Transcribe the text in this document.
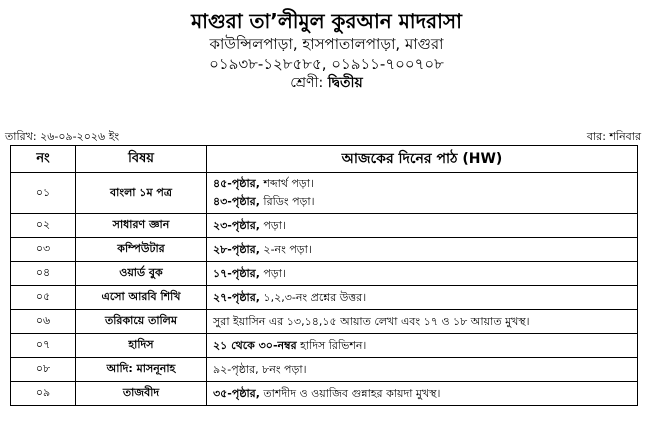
মাগুরা তা’লীমুল কুরআন মাদরাসা
কাউন্সিলপাড়া, হাসপাতালপাড়া, মাগুরা
০১৯৩৮-১২৮৫৮৫, ০১৯১১-৭০০৭০৮
শ্রেণী: দ্বিতীয়
তারিখ: ২৬-০৯-২০২৬ ইং	বার: শনিবার
নং	বিষয়	আজকের দিনের পাঠ (HW)
০১	বাংলা ১ম পত্র	৪৫-পৃষ্ঠার, শব্দার্থ পড়া।
৪৩-পৃষ্ঠার, রিডিং পড়া।

০২	সাধারণ জ্ঞান	২৩-পৃষ্ঠার, পড়া।

০৩	কম্পিউটার	২৮-পৃষ্ঠার, ২-নং পড়া।

০৪	ওয়ার্ড বুক	১৭-পৃষ্ঠার, পড়া।

০৫	এসো আরবি শিখি	২৭-পৃষ্ঠার, ১,২,৩-নং প্রশ্নের উত্তর।

০৬	তরিকায়ে তালিম	সুরা ইয়াসিন এর ১৩,১৪,১৫ আয়াত লেখা এবং ১৭ ও ১৮ আয়াত মুখস্থ।

০৭	হাদিস	২১ থেকে ৩০-নম্বর হাদিস রিভিশন।

০৮	আদি: মাসনূনাহ	৯২-পৃষ্ঠার, ৮নং পড়া।

০৯	তাজবীদ	৩৫-পৃষ্ঠার, তাশদীদ ও ওয়াজিব গুন্নাহর কায়দা মুখস্থ।
